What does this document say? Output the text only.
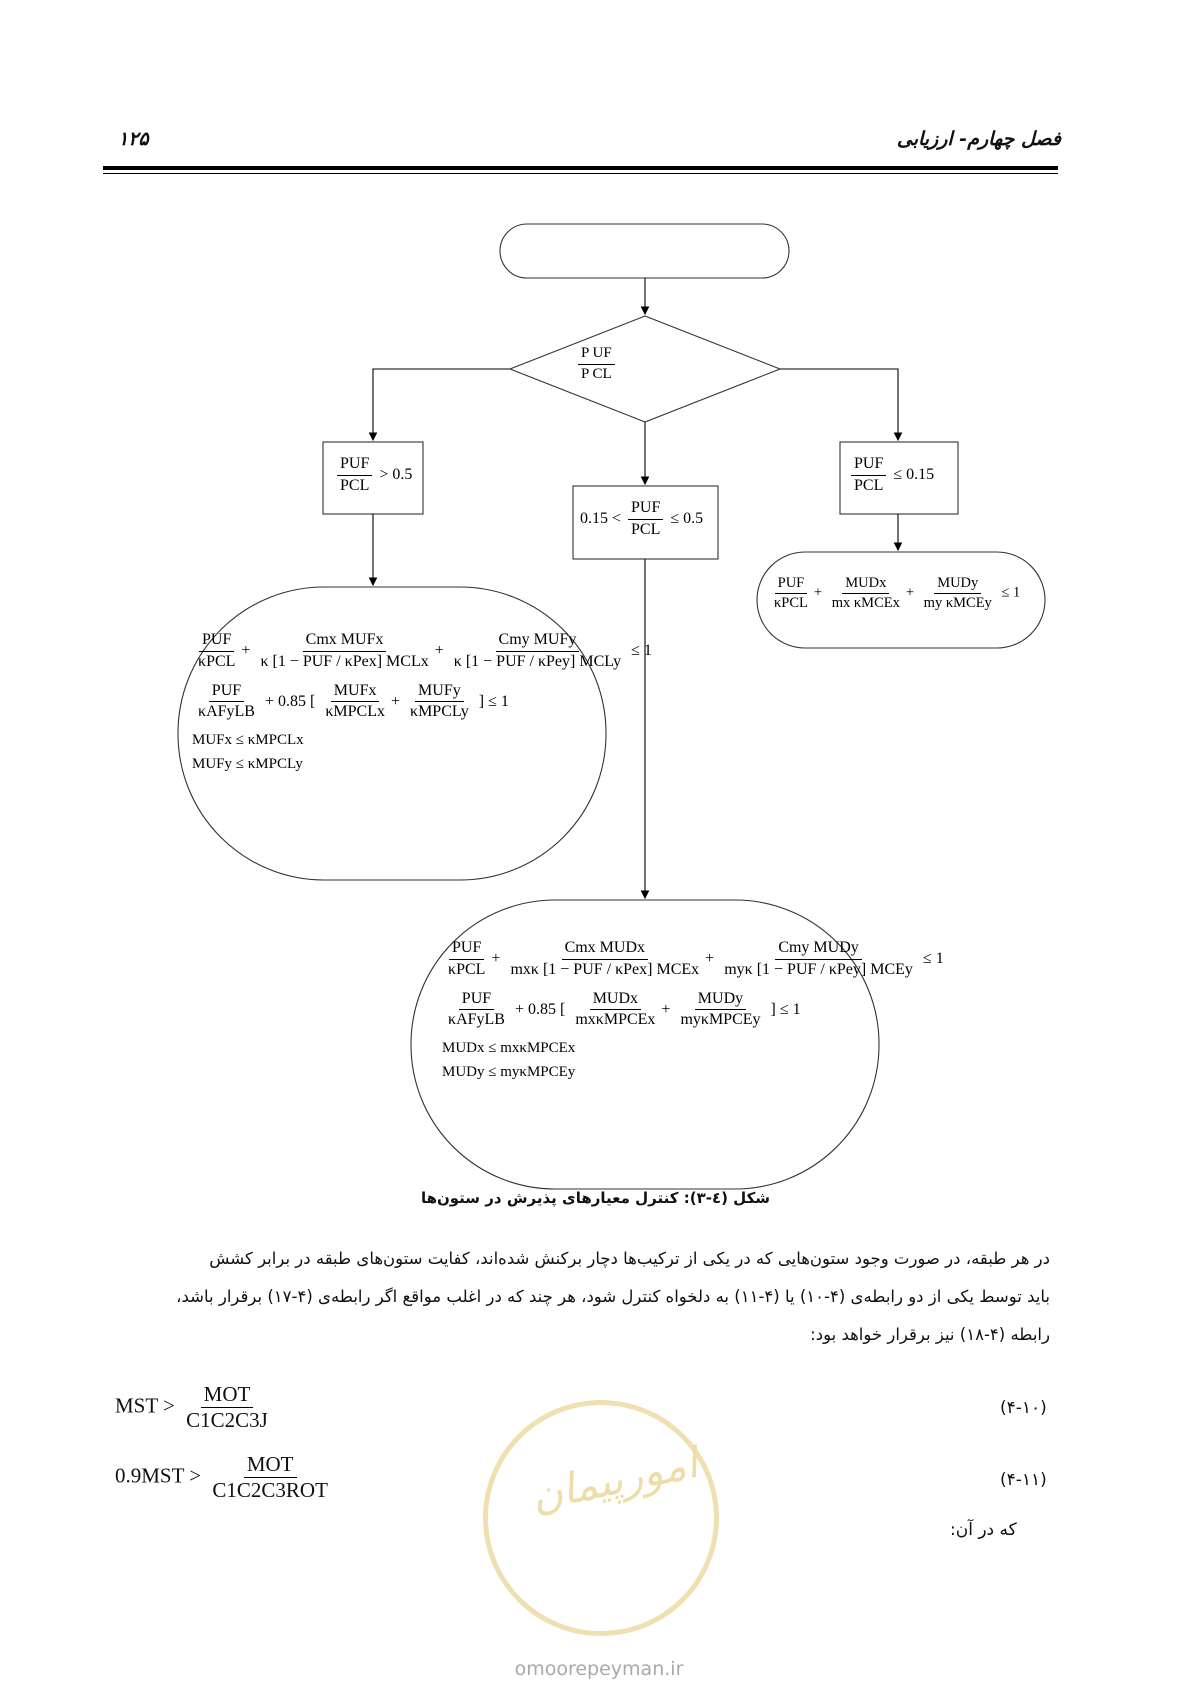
۱۲۵	فصل چهارم- ارزیابی
$\frac{\text{P UF}}{\text{P CL}}$
$\frac{\text{PUF}}{\text{PCL}} > 0.5$
$0.15 < \frac{\text{PUF}}{\text{PCL}} \le 0.5$
$\frac{\text{PUF}}{\text{PCL}} \le 0.15$
$\frac{\text{PUF}}{\text{κPCL}} + \frac{\text{MUDx}}{\text{mx κMCEx}} + \frac{\text{MUDy}}{\text{my κMCEy}} \le 1$
$\frac{\text{PUF}}{\text{κPCL}} + \frac{\text{Cmx MUFx}}{\text{κ [1 − PUF / κPex] MCLx}} + \frac{\text{Cmy MUFy}}{\text{κ [1 − PUF / κPey] MCLy}} \le 1$
$\frac{\text{PUF}}{\text{κAFyLB}} + 0.85$ [ $\frac{\text{MUFx}}{\text{κMPCLx}} + \frac{\text{MUFy}}{\text{κMPCLy}}$ ] ≤ 1
MUFx ≤ κMPCLx
MUFy ≤ κMPCLy
$\frac{\text{PUF}}{\text{κPCL}} + \frac{\text{Cmx MUDx}}{\text{mxκ [1 − PUF / κPex] MCEx}} + \frac{\text{Cmy MUDy}}{\text{myκ [1 − PUF / κPey] MCEy}} \le 1$
$\frac{\text{PUF}}{\text{κAFyLB}} + 0.85$ [ $\frac{\text{MUDx}}{\text{mxκMPCEx}} + \frac{\text{MUDy}}{\text{myκMPCEy}}$ ] ≤ 1
MUDx ≤ mxκMPCEx
MUDy ≤ myκMPCEy
شکل (٤-٣): کنترل معیارهای پذیرش در ستون‌ها

در هر طبقه، در صورت وجود ستون‌هایی که در یکی از ترکیب‌ها دچار برکنش شده‌اند، کفایت ستون‌های طبقه در برابر کشش

باید توسط یکی از دو رابطه‌ی (۴-۱۰) یا (۴-۱۱) به دلخواه کنترل شود، هر چند که در اغلب مواقع اگر رابطه‌ی (۴-۱۷) برقرار باشد،

رابطه (۴-۱۸) نیز برقرار خواهد بود:

امورپیمان
MST > $\frac{\text{MOT}}{C1C2C3J}$	(۴-۱۰)
$0.9MST > \frac{\text{MOT}}{\text{C1C2C3ROT}}$	(۴-۱۱)
که در آن:
omoorepeyman.ir
